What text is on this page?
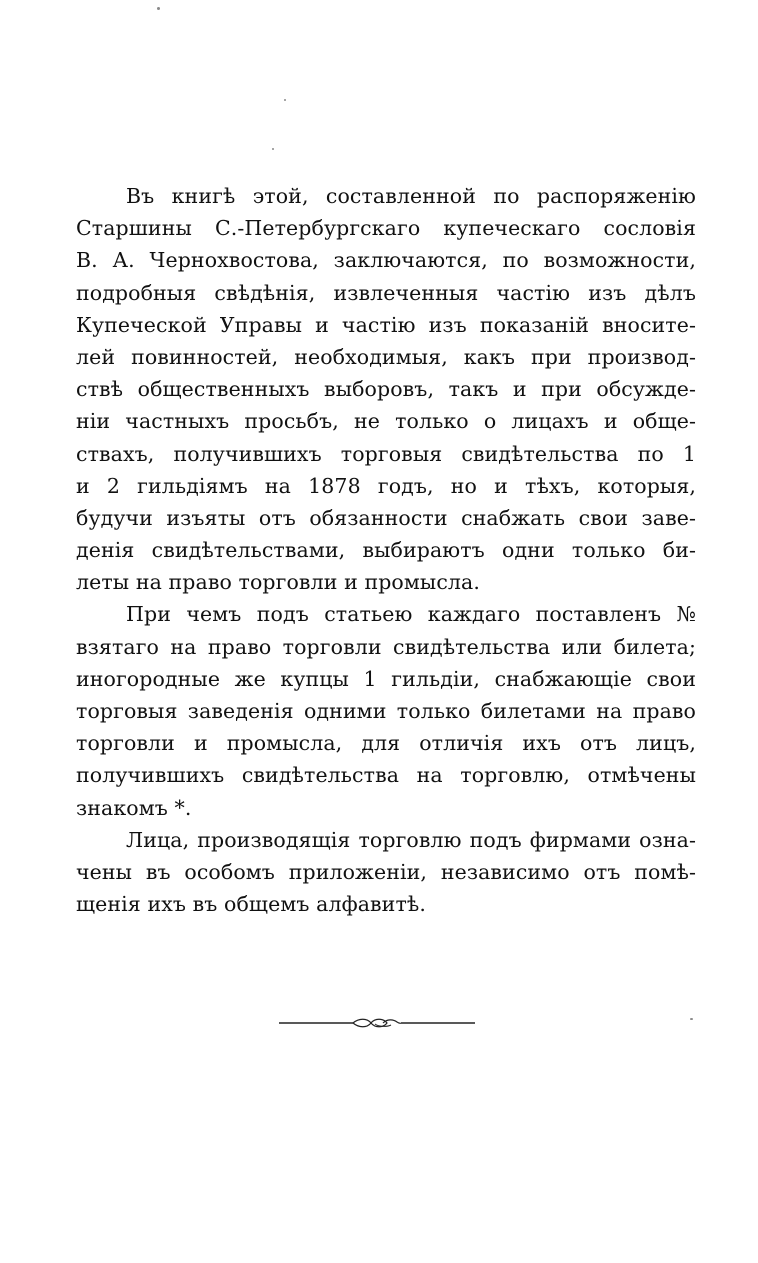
Въ книгѣ этой, составленной по распоряженію
Старшины С.-Петербургскаго купеческаго сословія
В. А. Чернохвостова, заключаются, по возможности,
подробныя свѣдѣнія, извлеченныя частію изъ дѣлъ
Купеческой Управы и частію изъ показаній вносите-
лей повинностей, необходимыя, какъ при производ-
ствѣ общественныхъ выборовъ, такъ и при обсужде-
ніи частныхъ просьбъ, не только о лицахъ и обще-
ствахъ, получившихъ торговыя свидѣтельства по 1
и 2 гильдіямъ на 1878 годъ, но и тѣхъ, которыя,
будучи изъяты отъ обязанности снабжать свои заве-
денія свидѣтельствами, выбираютъ одни только би-
леты на право торговли и промысла.
При чемъ подъ статьею каждаго поставленъ №
взятаго на право торговли свидѣтельства или билета;
иногородные же купцы 1 гильдіи, снабжающіе свои
торговыя заведенія одними только билетами на право
торговли и промысла, для отличія ихъ отъ лицъ,
получившихъ свидѣтельства на торговлю, отмѣчены
знакомъ *.
Лица, производящія торговлю подъ фирмами озна-
чены въ особомъ приложеніи, независимо отъ помѣ-
щенія ихъ въ общемъ алфавитѣ.
